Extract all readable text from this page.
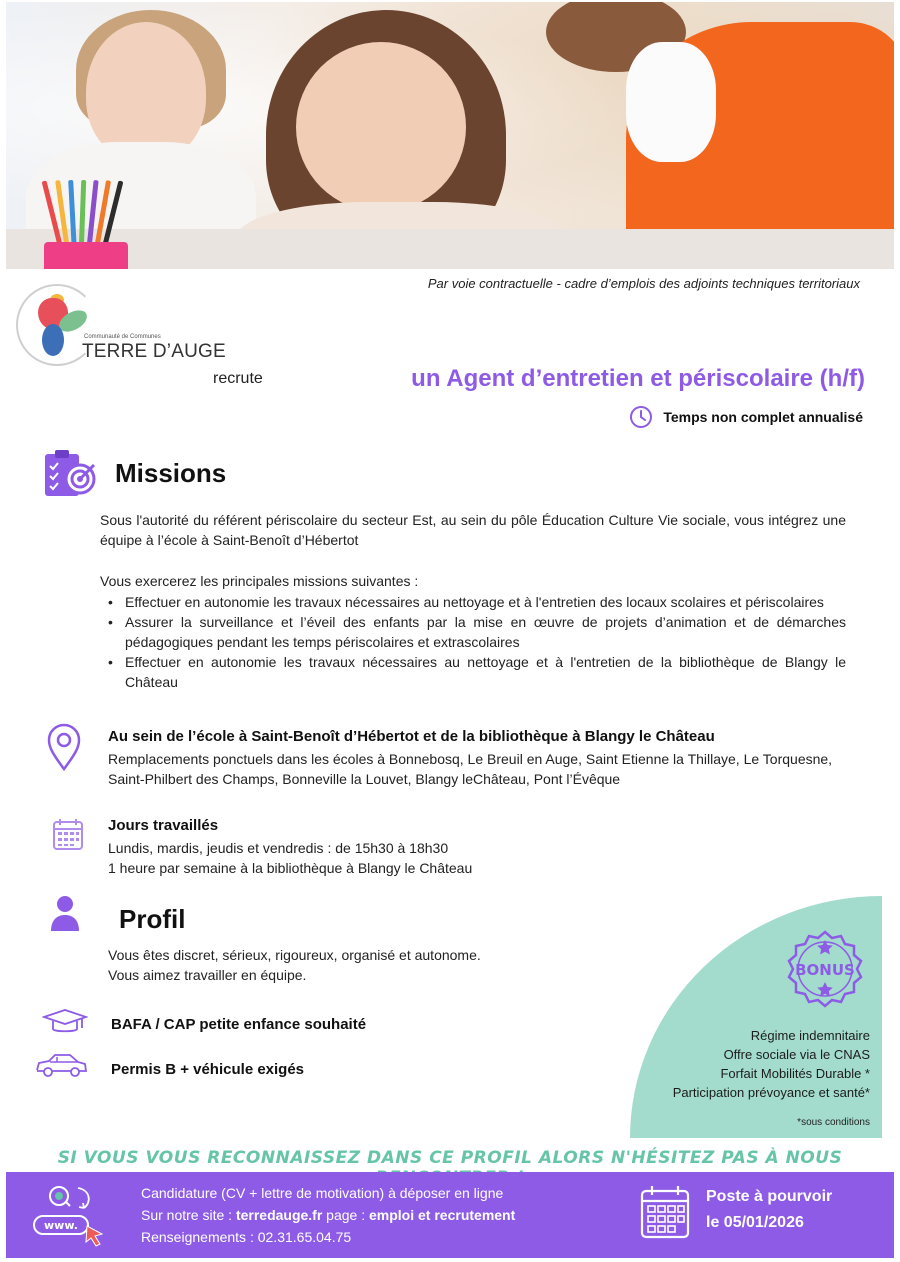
Par voie contractuelle - cadre d’emplois des adjoints techniques territoriaux
Communauté de Communes
TERRE D’AUGE
recrute	un Agent d’entretien et périscolaire (h/f)
Temps non complet annualisé
Missions
Sous l'autorité du référent périscolaire du secteur Est, au sein du pôle Éducation Culture Vie sociale, vous intégrez une équipe à l’école à Saint-Benoît d’Hébertot
Vous exercerez les principales missions suivantes :
• Effectuer en autonomie les travaux nécessaires au nettoyage et à l'entretien des locaux scolaires et périscolaires
• Assurer la surveillance et l’éveil des enfants par la mise en œuvre de projets d’animation et de démarches pédagogiques pendant les temps périscolaires et extrascolaires
• Effectuer en autonomie les travaux nécessaires au nettoyage et à l'entretien de la bibliothèque de Blangy le Château
Au sein de l’école à Saint-Benoît d’Hébertot et de la bibliothèque à Blangy le Château
Remplacements ponctuels dans les écoles à Bonnebosq, Le Breuil en Auge, Saint Etienne la Thillaye, Le Torquesne, Saint-Philbert des Champs, Bonneville la Louvet, Blangy leChâteau, Pont l’Évêque
Jours travaillés
Lundis, mardis, jeudis et vendredis : de 15h30 à 18h30
1 heure par semaine à la bibliothèque à Blangy le Château
Profil
Vous êtes discret, sérieux, rigoureux, organisé et autonome.
Vous aimez travailler en équipe.
BAFA / CAP petite enfance souhaité
Permis B + véhicule exigés
BONUS
Régime indemnitaire
Offre sociale via le CNAS
Forfait Mobilités Durable *
Participation prévoyance et santé*
*sous conditions
SI VOUS VOUS RECONNAISSEZ DANS CE PROFIL ALORS N'HÉSITEZ PAS À NOUS
www.
Candidature (CV + lettre de motivation) à déposer en ligne
Sur notre site : terredauge.fr page : emploi et recrutement
Renseignements : 02.31.65.04.75
Poste à pourvoir
le 05/01/2026
